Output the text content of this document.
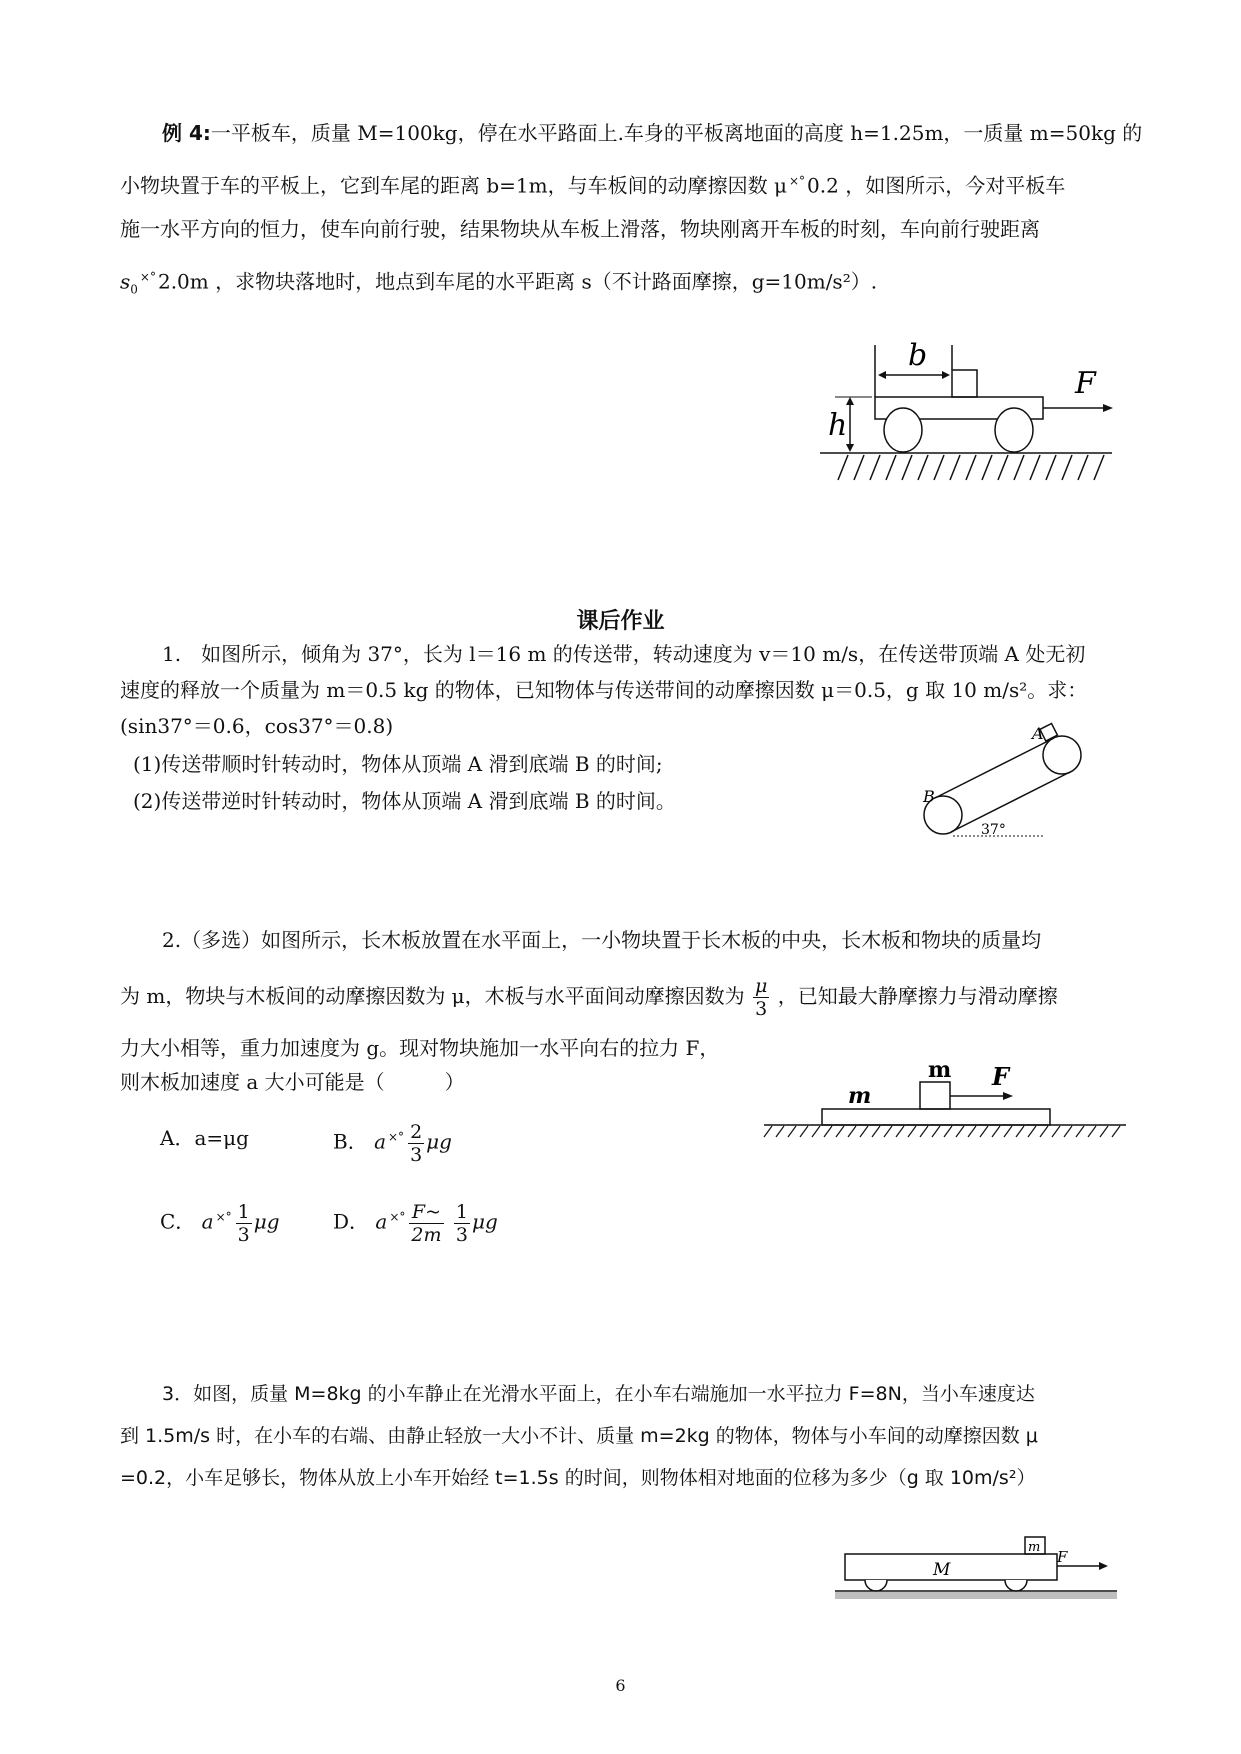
例 4:一平板车，质量 M=100kg，停在水平路面上.车身的平板离地面的高度 h=1.25m，一质量 m=50kg 的
小物块置于车的平板上，它到车尾的距离 b=1m，与车板间的动摩擦因数 μ ×° 0.2 ，如图所示，今对平板车
施一水平方向的恒力，使车向前行驶，结果物块从车板上滑落，物块刚离开车板的时刻，车向前行驶距离
$s_0^{\times^\circ}$ 2.0m ，求物块落地时，地点到车尾的水平距离 s（不计路面摩擦，g=10m/s²）.
b
F
h
课后作业
1.　如图所示，倾角为 37°，长为 l＝16 m 的传送带，转动速度为 v＝10 m/s，在传送带顶端 A 处无初
速度的释放一个质量为 m＝0.5 kg 的物体，已知物体与传送带间的动摩擦因数 μ＝0.5，g 取 10 m/s²。求：
(sin37°＝0.6，cos37°＝0.8)
(1)传送带顺时针转动时，物体从顶端 A 滑到底端 B 的时间;
(2)传送带逆时针转动时，物体从顶端 A 滑到底端 B 的时间。
A
B
37°
2.（多选）如图所示，长木板放置在水平面上，一小物块置于长木板的中央，长木板和物块的质量均
为 m，物块与木板间的动摩擦因数为 μ，木板与水平面间动摩擦因数为 $\frac{\mu}{3}$ ，已知最大静摩擦力与滑动摩擦
力大小相等，重力加速度为 g。现对物块施加一水平向右的拉力 F，
则木板加速度 a 大小可能是（　　　）
A．a=μg	B． a $^{\times^\circ} \frac{2}{3}$ μg
C． a $^{\times^\circ} \frac{1}{3}$ μg	D． a $^{\times^\circ} \frac{F\sim}{2m}$
$\frac{1}{3}$ μg
m F
m
3．如图，质量 M=8kg 的小车静止在光滑水平面上，在小车右端施加一水平拉力 F=8N，当小车速度达
到 1.5m/s 时，在小车的右端、由静止轻放一大小不计、质量 m=2kg 的物体，物体与小车间的动摩擦因数 μ
=0.2，小车足够长，物体从放上小车开始经 t=1.5s 的时间，则物体相对地面的位移为多少（g 取 10m/s²）
m
M
F
6
